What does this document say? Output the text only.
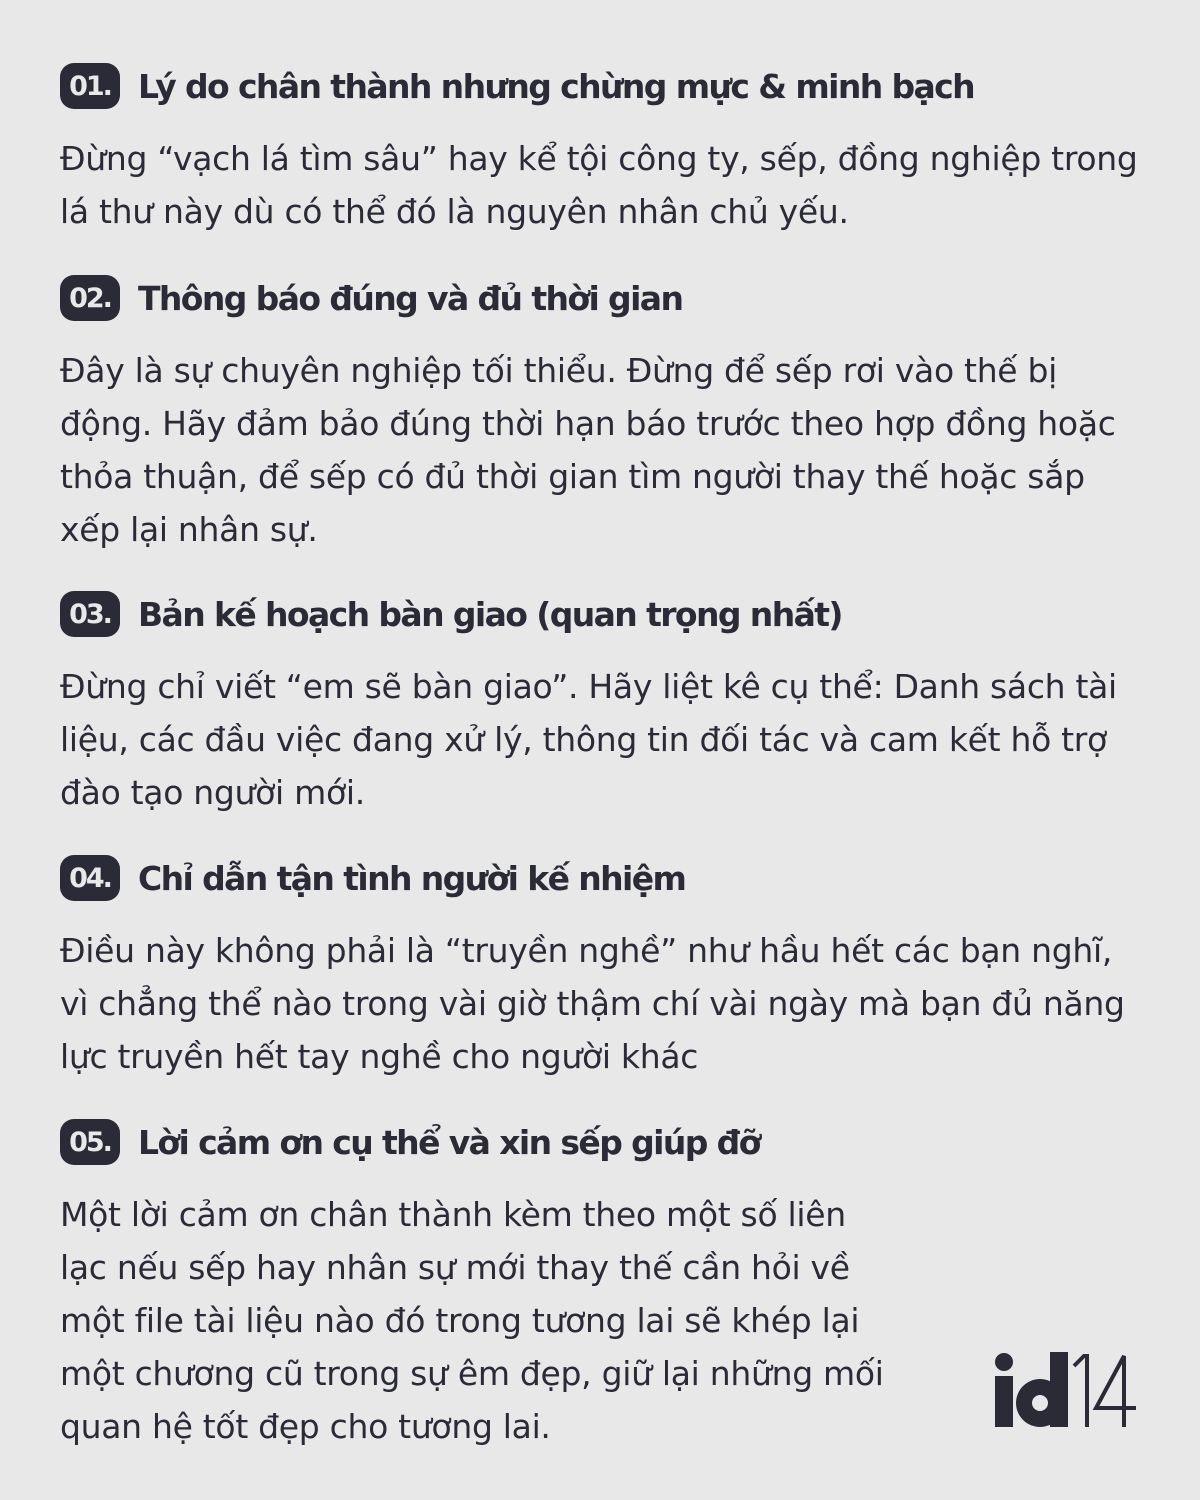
01. Lý do chân thành nhưng chừng mực & minh bạch
Đừng “vạch lá tìm sâu” hay kể tội công ty, sếp, đồng nghiệp trong lá thư này dù có thể đó là nguyên nhân chủ yếu.
02. Thông báo đúng và đủ thời gian
Đây là sự chuyên nghiệp tối thiểu. Đừng để sếp rơi vào thế bị động. Hãy đảm bảo đúng thời hạn báo trước theo hợp đồng hoặc thỏa thuận, để sếp có đủ thời gian tìm người thay thế hoặc sắp xếp lại nhân sự.
03. Bản kế hoạch bàn giao (quan trọng nhất)
Đừng chỉ viết “em sẽ bàn giao”. Hãy liệt kê cụ thể: Danh sách tài liệu, các đầu việc đang xử lý, thông tin đối tác và cam kết hỗ trợ đào tạo người mới.
04. Chỉ dẫn tận tình người kế nhiệm
Điều này không phải là “truyền nghề” như hầu hết các bạn nghĩ, vì chẳng thể nào trong vài giờ thậm chí vài ngày mà bạn đủ năng lực truyền hết tay nghề cho người khác
05. Lời cảm ơn cụ thể và xin sếp giúp đỡ
Một lời cảm ơn chân thành kèm theo một số liên lạc nếu sếp hay nhân sự mới thay thế cần hỏi về một file tài liệu nào đó trong tương lai sẽ khép lại một chương cũ trong sự êm đẹp, giữ lại những mối quan hệ tốt đẹp cho tương lai.
